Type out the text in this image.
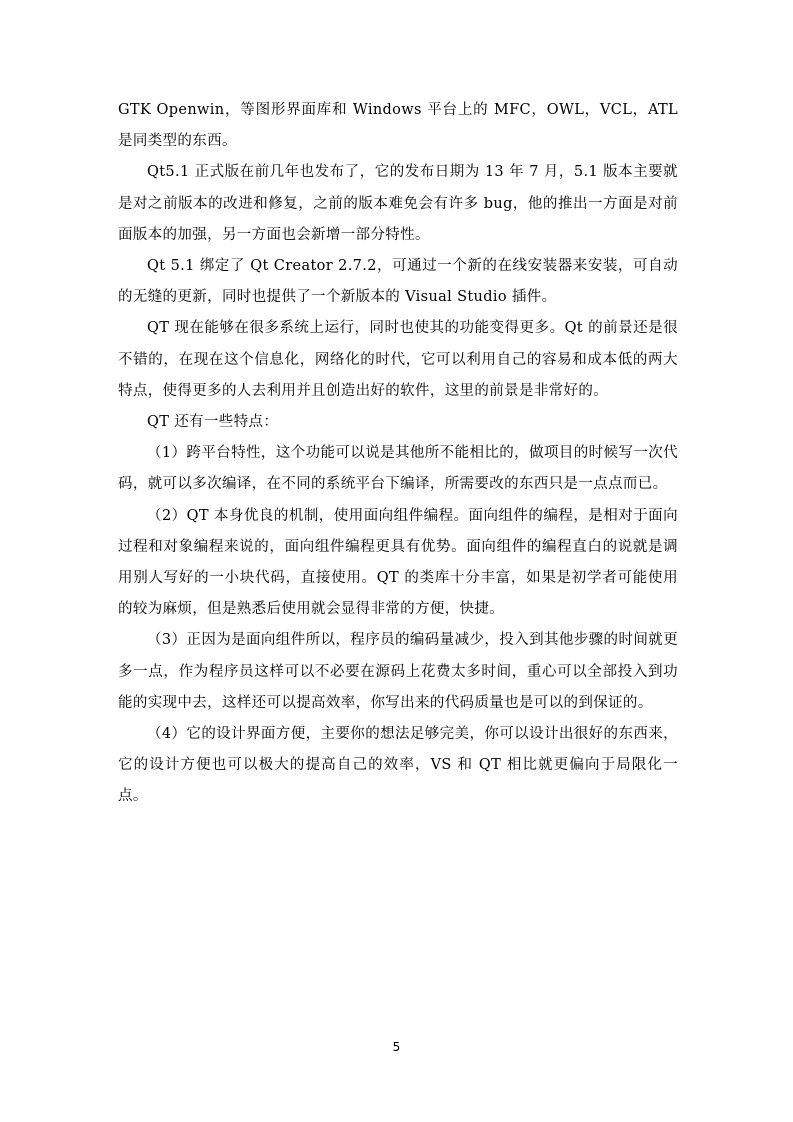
GTK Openwin，等图形界面库和 Windows 平台上的 MFC，OWL，VCL，ATL 是同类型的东西。

Qt5.1 正式版在前几年也发布了，它的发布日期为 13 年 7 月，5.1 版本主要就是对之前版本的改进和修复，之前的版本难免会有许多 bug，他的推出一方面是对前面版本的加强，另一方面也会新增一部分特性。

Qt 5.1 绑定了 Qt Creator 2.7.2，可通过一个新的在线安装器来安装，可自动的无缝的更新，同时也提供了一个新版本的 Visual Studio 插件。

QT 现在能够在很多系统上运行，同时也使其的功能变得更多。Qt 的前景还是很不错的，在现在这个信息化，网络化的时代，它可以利用自己的容易和成本低的两大特点，使得更多的人去利用并且创造出好的软件，这里的前景是非常好的。

QT 还有一些特点：

（1）跨平台特性，这个功能可以说是其他所不能相比的，做项目的时候写一次代码，就可以多次编译，在不同的系统平台下编译，所需要改的东西只是一点点而已。

（2）QT 本身优良的机制，使用面向组件编程。面向组件的编程，是相对于面向过程和对象编程来说的，面向组件编程更具有优势。面向组件的编程直白的说就是调用别人写好的一小块代码，直接使用。QT 的类库十分丰富，如果是初学者可能使用的较为麻烦，但是熟悉后使用就会显得非常的方便，快捷。

（3）正因为是面向组件所以，程序员的编码量减少，投入到其他步骤的时间就更多一点，作为程序员这样可以不必要在源码上花费太多时间，重心可以全部投入到功能的实现中去，这样还可以提高效率，你写出来的代码质量也是可以的到保证的。

（4）它的设计界面方便，主要你的想法足够完美，你可以设计出很好的东西来，它的设计方便也可以极大的提高自己的效率，VS 和 QT 相比就更偏向于局限化一点。

5
